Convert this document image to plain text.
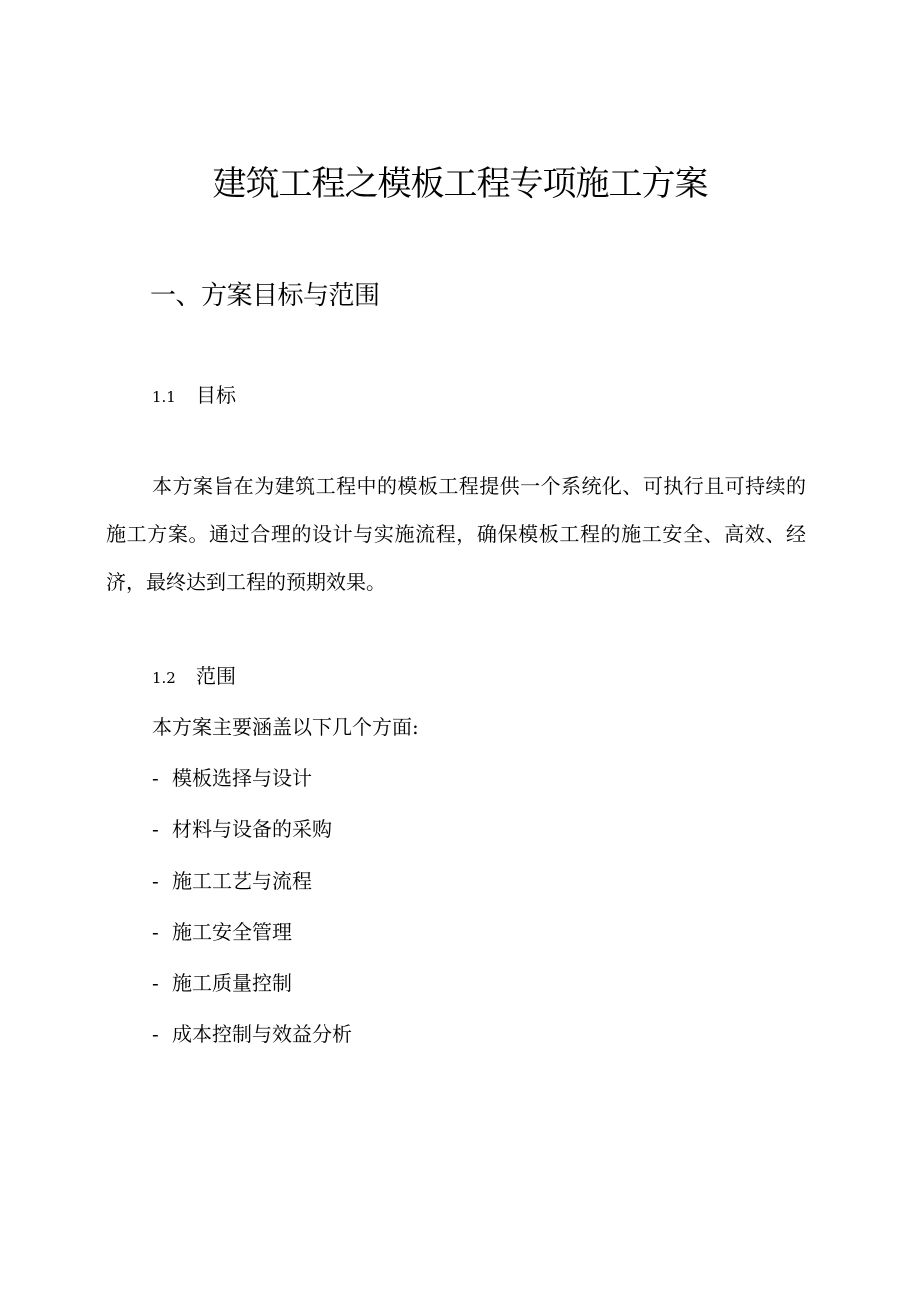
建筑工程之模板工程专项施工方案
一、方案目标与范围
1.1 目标

本方案旨在为建筑工程中的模板工程提供一个系统化、可执行且可持续的施工方案。通过合理的设计与实施流程，确保模板工程的施工安全、高效、经济，最终达到工程的预期效果。

1.2 范围

本方案主要涵盖以下几个方面:

- 模板选择与设计
- 材料与设备的采购
- 施工工艺与流程
- 施工安全管理
- 施工质量控制
- 成本控制与效益分析
